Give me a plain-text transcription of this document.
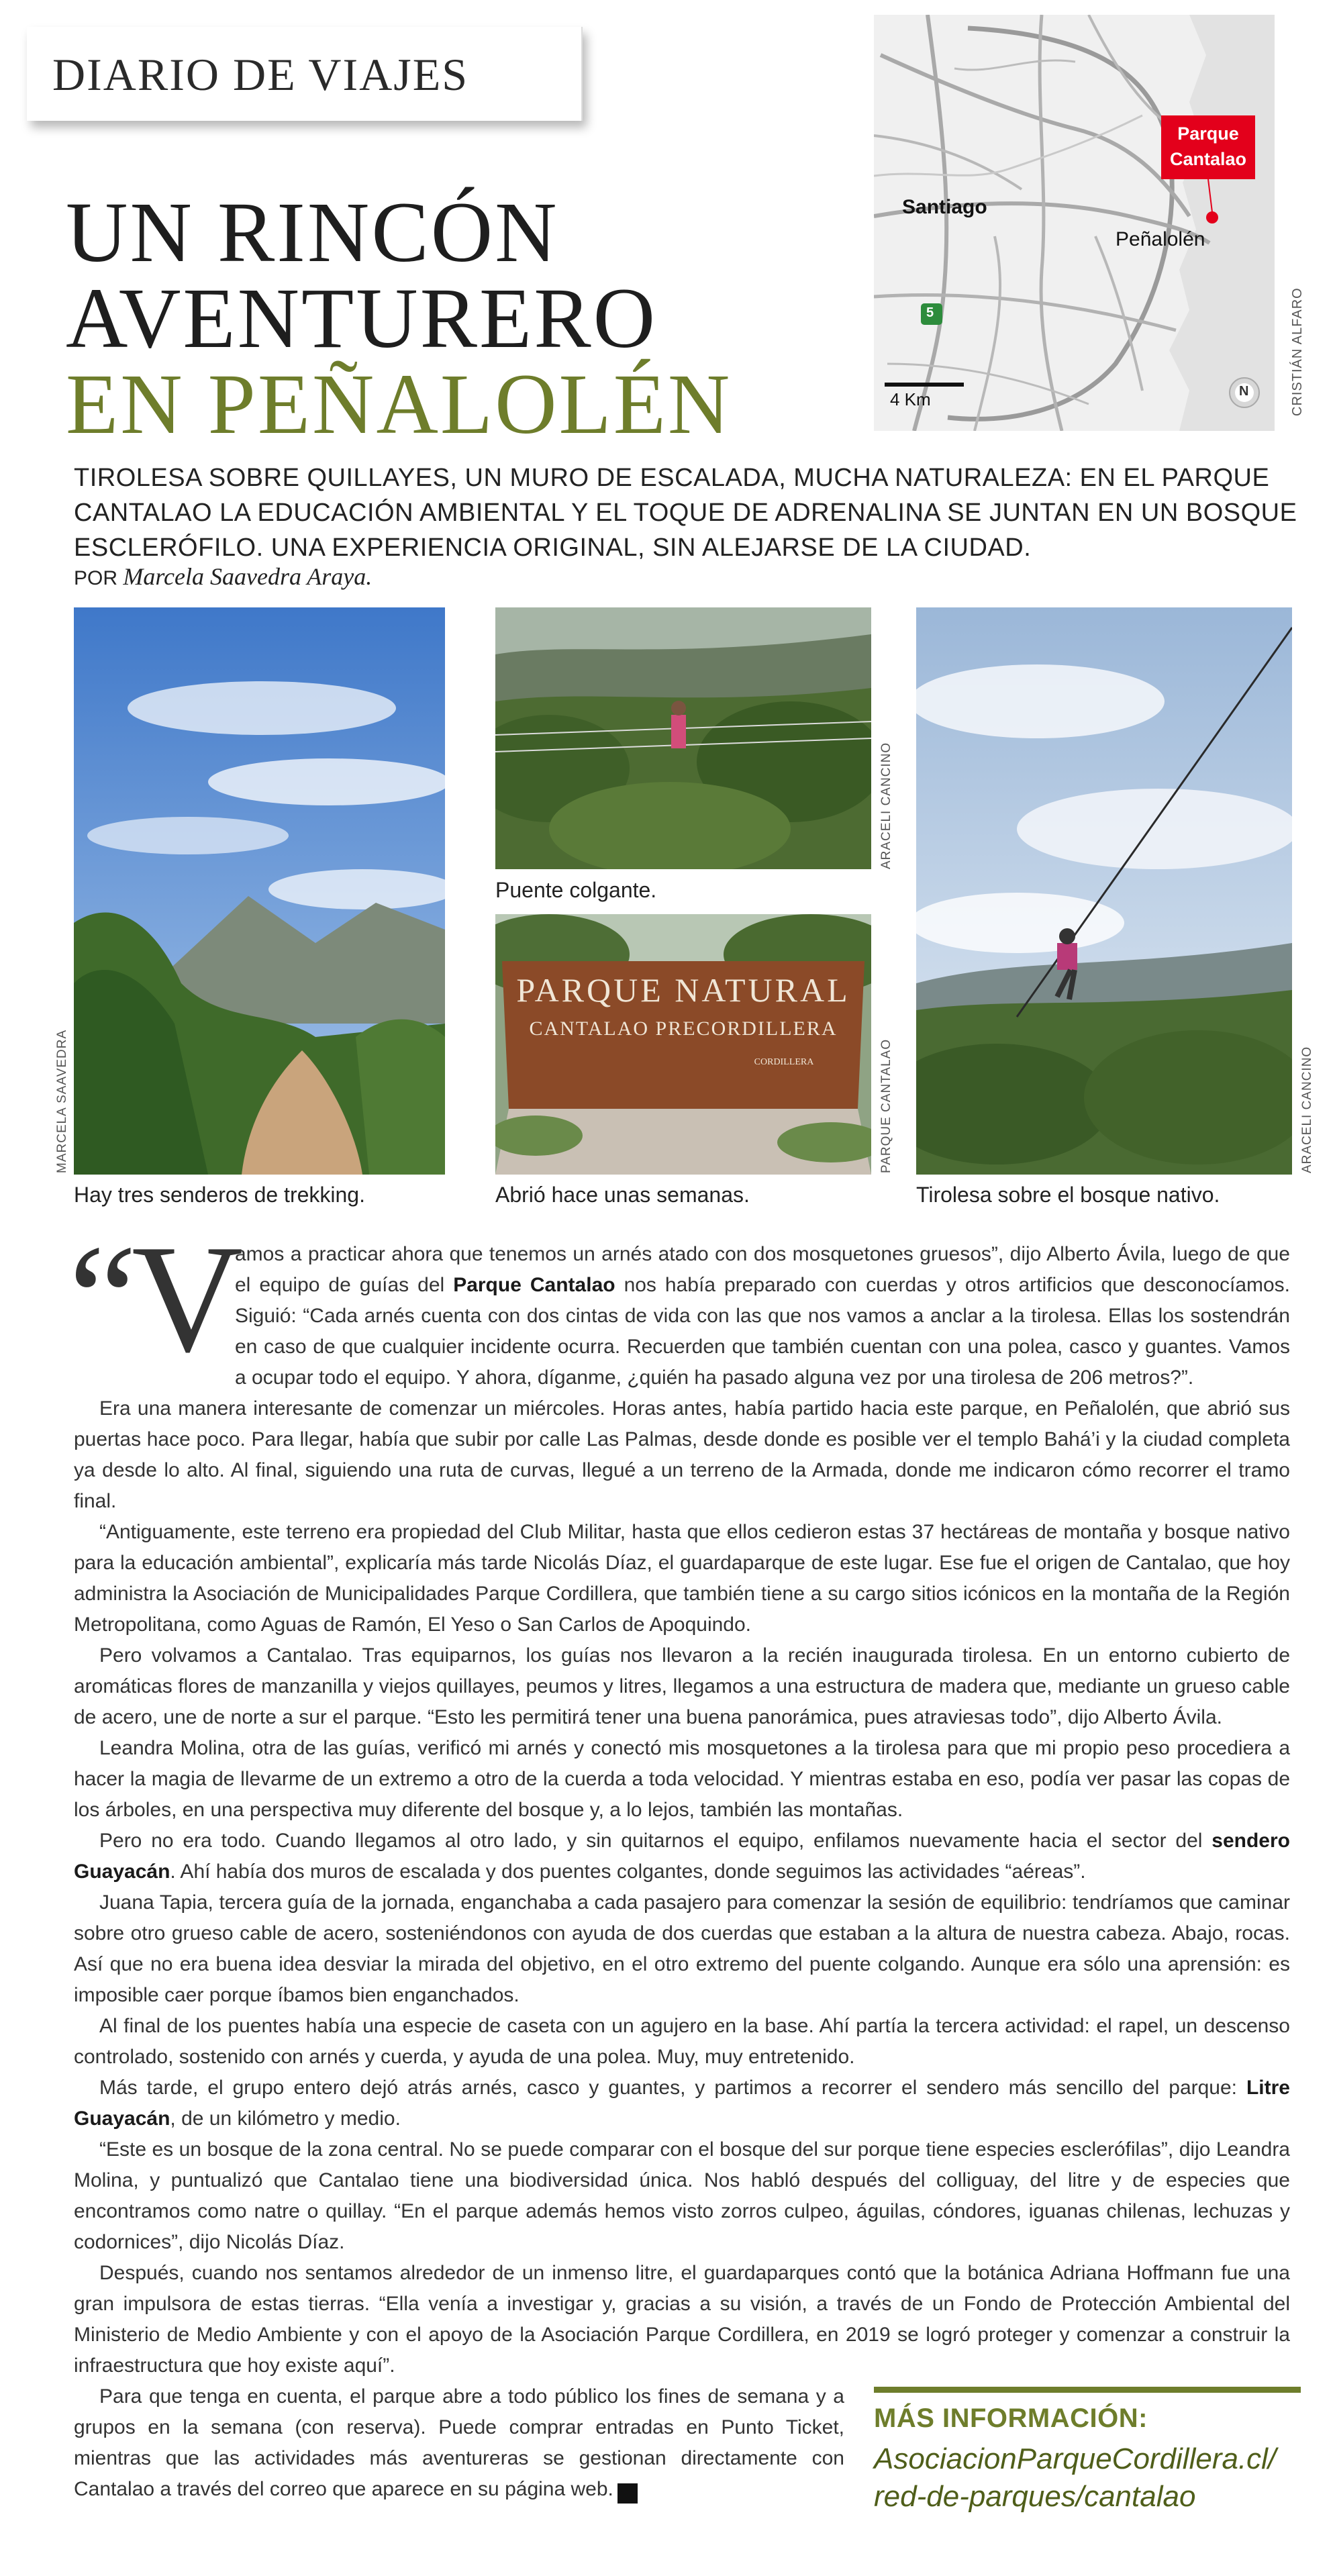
DIARIO DE VIAJES
UN RINCÓN
AVENTURERO
EN PEÑALOLÉN
Santiago
Peñalolén
5
Parque
Cantalao
4 Km	N	CRISTIÁN ALFARO
TIROLESA SOBRE QUILLAYES, UN MURO DE ESCALADA, MUCHA NATURALEZA: EN EL PARQUE CANTALAO LA EDUCACIÓN AMBIENTAL Y EL TOQUE DE ADRENALINA SE JUNTAN EN UN BOSQUE ESCLERÓFILO. UNA EXPERIENCIA ORIGINAL, SIN ALEJARSE DE LA CIUDAD.
POR Marcela Saavedra Araya.
MARCELA SAAVEDRA
Hay tres senderos de trekking.
ARACELI CANCINO
Puente colgante.
PARQUE NATURAL
CANTALAO PRECORDILLERA
CORDILLERA	PARQUE CANTALAO
Abrió hace unas semanas.
ARACELI CANCINO
Tirolesa sobre el bosque nativo.
“V

amos a practicar ahora que tenemos un arnés atado con dos mosquetones gruesos”, dijo Alberto Ávila, luego de que el equipo de guías del Parque Cantalao nos había preparado con cuerdas y otros artificios que desconocíamos. Siguió: “Cada arnés cuenta con dos cintas de vida con las que nos vamos a anclar a la tirolesa. Ellas los sostendrán en caso de que cualquier incidente ocurra. Recuerden que también cuentan con una polea, casco y guantes. Vamos a ocupar todo el equipo. Y ahora, díganme, ¿quién ha pasado alguna vez por una tirolesa de 206 metros?”.

Era una manera interesante de comenzar un miércoles. Horas antes, había partido hacia este parque, en Peñalolén, que abrió sus puertas hace poco. Para llegar, había que subir por calle Las Palmas, desde donde es posible ver el templo Bahá’i y la ciudad completa ya desde lo alto. Al final, siguiendo una ruta de curvas, llegué a un terreno de la Armada, donde me indicaron cómo recorrer el tramo final.

“Antiguamente, este terreno era propiedad del Club Militar, hasta que ellos cedieron estas 37 hectáreas de montaña y bosque nativo para la educación ambiental”, explicaría más tarde Nicolás Díaz, el guardaparque de este lugar. Ese fue el origen de Cantalao, que hoy administra la Asociación de Municipalidades Parque Cordillera, que también tiene a su cargo sitios icónicos en la montaña de la Región Metropolitana, como Aguas de Ramón, El Yeso o San Carlos de Apoquindo.

Pero volvamos a Cantalao. Tras equiparnos, los guías nos llevaron a la recién inaugurada tirolesa. En un entorno cubierto de aromáticas flores de manzanilla y viejos quillayes, peumos y litres, llegamos a una estructura de madera que, mediante un grueso cable de acero, une de norte a sur el parque. “Esto les permitirá tener una buena panorámica, pues atraviesas todo”, dijo Alberto Ávila.

Leandra Molina, otra de las guías, verificó mi arnés y conectó mis mosquetones a la tirolesa para que mi propio peso procediera a hacer la magia de llevarme de un extremo a otro de la cuerda a toda velocidad. Y mientras estaba en eso, podía ver pasar las copas de los árboles, en una perspectiva muy diferente del bosque y, a lo lejos, también las montañas.

Pero no era todo. Cuando llegamos al otro lado, y sin quitarnos el equipo, enfilamos nuevamente hacia el sector del sendero Guayacán. Ahí había dos muros de escalada y dos puentes colgantes, donde seguimos las actividades “aéreas”.

Juana Tapia, tercera guía de la jornada, enganchaba a cada pasajero para comenzar la sesión de equilibrio: tendríamos que caminar sobre otro grueso cable de acero, sosteniéndonos con ayuda de dos cuerdas que estaban a la altura de nuestra cabeza. Abajo, rocas. Así que no era buena idea desviar la mirada del objetivo, en el otro extremo del puente colgando. Aunque era sólo una aprensión: es imposible caer porque íbamos bien enganchados.

Al final de los puentes había una especie de caseta con un agujero en la base. Ahí partía la tercera actividad: el rapel, un descenso controlado, sostenido con arnés y cuerda, y ayuda de una polea. Muy, muy entretenido.

Más tarde, el grupo entero dejó atrás arnés, casco y guantes, y partimos a recorrer el sendero más sencillo del parque: Litre Guayacán, de un kilómetro y medio.

“Este es un bosque de la zona central. No se puede comparar con el bosque del sur porque tiene especies esclerófilas”, dijo Leandra Molina, y puntualizó que Cantalao tiene una biodiversidad única. Nos habló después del colliguay, del litre y de especies que encontramos como natre o quillay. “En el parque además hemos visto zorros culpeo, águilas, cóndores, iguanas chilenas, lechuzas y codornices”, dijo Nicolás Díaz.

Después, cuando nos sentamos alrededor de un inmenso litre, el guardaparques contó que la botánica Adriana Hoffmann fue una gran impulsora de estas tierras. “Ella venía a investigar y, gracias a su visión, a través de un Fondo de Protección Ambiental del Ministerio de Medio Ambiente y con el apoyo de la Asociación Parque Cordillera, en 2019 se logró proteger y comenzar a construir la infraestructura que hoy existe aquí”.

Para que tenga en cuenta, el parque abre a todo público los fines de semana y a grupos en la semana (con reserva). Puede comprar entradas en Punto Ticket, mientras que las actividades más aventureras se gestionan directamente con Cantalao a través del correo que aparece en su página web. D

MÁS INFORMACIÓN:
AsociacionParqueCordillera.cl/
red-de-parques/cantalao
